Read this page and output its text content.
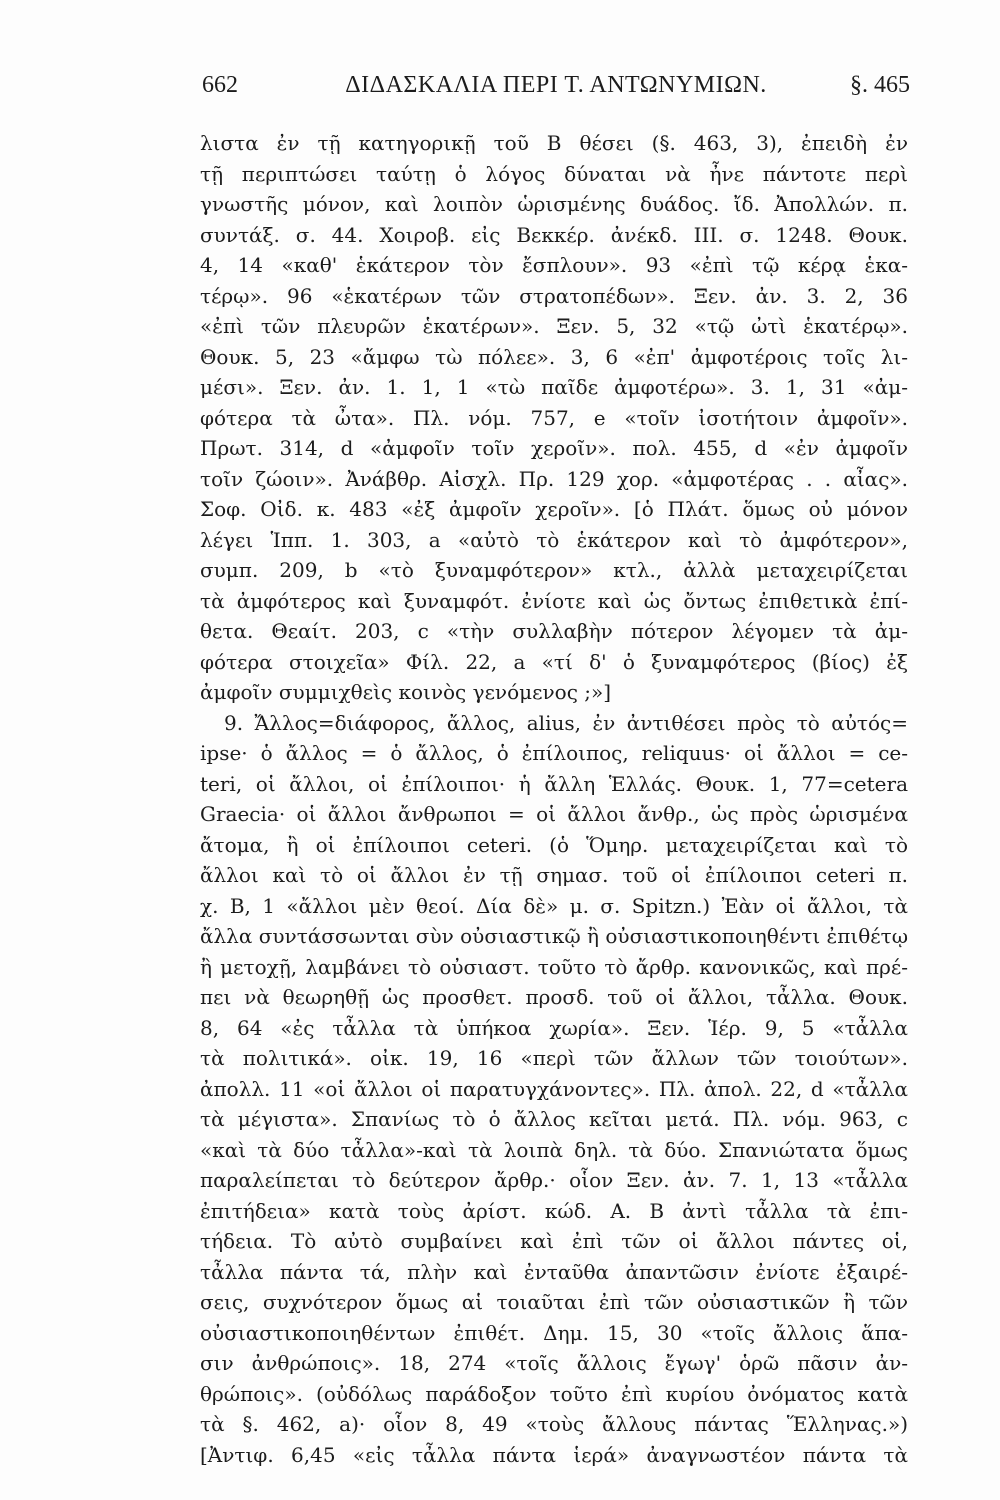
662	ΔΙΔΑΣΚΑΛΙΑ ΠΕΡΙ Τ. ΑΝΤΩΝΥΜΙΩΝ.	§. 465
λιστα ἐν τῇ κατηγορικῇ τοῦ Β θέσει (§. 463, 3), ἐπειδὴ ἐν
τῇ περιπτώσει ταύτῃ ὁ λόγος δύναται νὰ ἦνε πάντοτε περὶ
γνωστῆς μόνον, καὶ λοιπὸν ὡρισμένης δυάδος. ἴδ. Ἀπολλών. π.
συντάξ. σ. 44. Χοιροβ. εἰς Βεκκέρ. ἀνέκδ. III. σ. 1248. Θουκ.
4, 14 «καθ' ἑκάτερον τὸν ἔσπλουν». 93 «ἐπὶ τῷ κέρᾳ ἑκα-
τέρῳ». 96 «ἑκατέρων τῶν στρατοπέδων». Ξεν. ἀν. 3. 2, 36
«ἐπὶ τῶν πλευρῶν ἑκατέρων». Ξεν. 5, 32 «τῷ ὠτὶ ἑκατέρῳ».
Θουκ. 5, 23 «ἄμφω τὼ πόλεε». 3, 6 «ἐπ' ἀμφοτέροις τοῖς λι-
μέσι». Ξεν. ἀν. 1. 1, 1 «τὼ παῖδε ἀμφοτέρω». 3. 1, 31 «ἀμ-
φότερα τὰ ὦτα». Πλ. νόμ. 757, e «τοῖν ἰσοτήτοιν ἀμφοῖν».
Πρωτ. 314, d «ἀμφοῖν τοῖν χεροῖν». πολ. 455, d «ἐν ἀμφοῖν
τοῖν ζώοιν». Ἀνάβθρ. Αἰσχλ. Πρ. 129 χορ. «ἀμφοτέρας . . αἶας».
Σοφ. Οἰδ. κ. 483 «ἐξ ἀμφοῖν χεροῖν». [ὁ Πλάτ. ὅμως οὐ μόνον
λέγει Ἱππ. 1. 303, a «αὐτὸ τὸ ἑκάτερον καὶ τὸ ἀμφότερον»,
συμπ. 209, b «τὸ ξυναμφότερον» κτλ., ἀλλὰ μεταχειρίζεται
τὰ ἀμφότερος καὶ ξυναμφότ. ἐνίοτε καὶ ὡς ὄντως ἐπιθετικὰ ἐπί-
θετα. Θεαίτ. 203, c «τὴν συλλαβὴν πότερον λέγομεν τὰ ἀμ-
φότερα στοιχεῖα» Φίλ. 22, a «τί δ' ὁ ξυναμφότερος (βίος) ἐξ
ἀμφοῖν συμμιχθεὶς κοινὸς γενόμενος ;»]
9. Ἄλλος=διάφορος, ἄλλος, alius, ἐν ἀντιθέσει πρὸς τὸ αὐτός=
ipse· ὁ ἄλλος = ὁ ἄλλος, ὁ ἐπίλοιπος, reliquus· οἱ ἄλλοι = ce-
teri, οἱ ἄλλοι, οἱ ἐπίλοιποι· ἡ ἄλλη Ἑλλάς. Θουκ. 1, 77=cetera
Graecia· οἱ ἄλλοι ἄνθρωποι = οἱ ἄλλοι ἄνθρ., ὡς πρὸς ὡρισμένα
ἄτομα, ἢ οἱ ἐπίλοιποι ceteri. (ὁ Ὅμηρ. μεταχειρίζεται καὶ τὸ
ἄλλοι καὶ τὸ οἱ ἄλλοι ἐν τῇ σημασ. τοῦ οἱ ἐπίλοιποι ceteri π.
χ. Β, 1 «ἄλλοι μὲν θεοί. Δία δὲ» μ. σ. Spitzn.) Ἐὰν οἱ ἄλλοι, τὰ
ἄλλα συντάσσωνται σὺν οὐσιαστικῷ ἢ οὐσιαστικοποιηθέντι ἐπιθέτῳ
ἢ μετοχῇ, λαμβάνει τὸ οὐσιαστ. τοῦτο τὸ ἄρθρ. κανονικῶς, καὶ πρέ-
πει νὰ θεωρηθῇ ὡς προσθετ. προσδ. τοῦ οἱ ἄλλοι, τἆλλα. Θουκ.
8, 64 «ἐς τἆλλα τὰ ὑπήκοα χωρία». Ξεν. Ἱέρ. 9, 5 «τἆλλα
τὰ πολιτικά». οἰκ. 19, 16 «περὶ τῶν ἄλλων τῶν τοιούτων».
ἀπολλ. 11 «οἱ ἄλλοι οἱ παρατυγχάνοντες». Πλ. ἀπολ. 22, d «τἆλλα
τὰ μέγιστα». Σπανίως τὸ ὁ ἄλλος κεῖται μετά. Πλ. νόμ. 963, c
«καὶ τὰ δύο τἆλλα»-καὶ τὰ λοιπὰ δηλ. τὰ δύο. Σπανιώτατα ὅμως
παραλείπεται τὸ δεύτερον ἄρθρ.· οἷον Ξεν. ἀν. 7. 1, 13 «τἆλλα
ἐπιτήδεια» κατὰ τοὺς ἀρίστ. κώδ. Α. Β ἀντὶ τἆλλα τὰ ἐπι-
τήδεια. Τὸ αὐτὸ συμβαίνει καὶ ἐπὶ τῶν οἱ ἄλλοι πάντες οἱ,
τἆλλα πάντα τά, πλὴν καὶ ἐνταῦθα ἀπαντῶσιν ἐνίοτε ἐξαιρέ-
σεις, συχνότερον ὅμως αἱ τοιαῦται ἐπὶ τῶν οὐσιαστικῶν ἢ τῶν
οὐσιαστικοποιηθέντων ἐπιθέτ. Δημ. 15, 30 «τοῖς ἄλλοις ἅπα-
σιν ἀνθρώποις». 18, 274 «τοῖς ἄλλοις ἔγωγ' ὁρῶ πᾶσιν ἀν-
θρώποις». (οὐδόλως παράδοξον τοῦτο ἐπὶ κυρίου ὀνόματος κατὰ
τὰ §. 462, a)· οἷον 8, 49 «τοὺς ἄλλους πάντας Ἕλληνας.»)
[Ἀντιφ. 6,45 «εἰς τἆλλα πάντα ἱερά» ἀναγνωστέον πάντα τὰ
